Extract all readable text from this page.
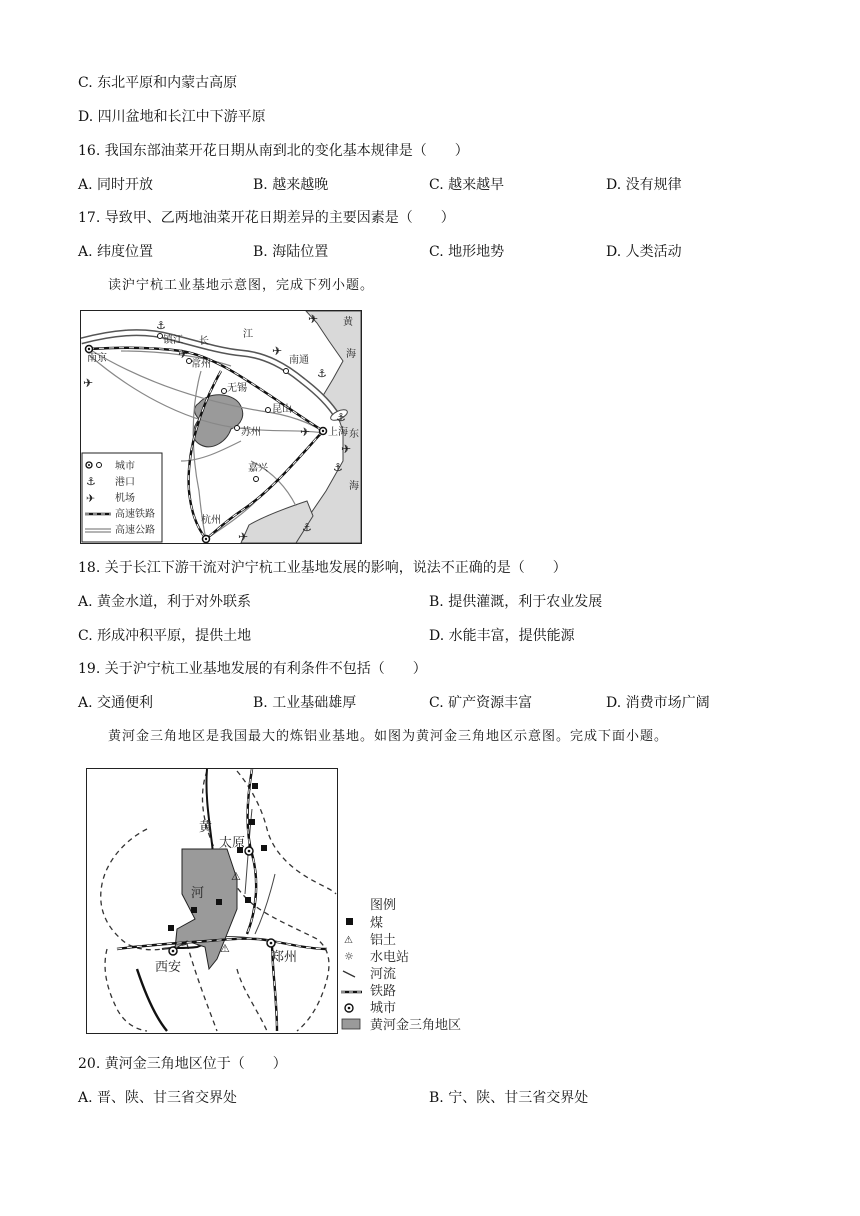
C. 东北平原和内蒙古高原
D. 四川盆地和长江中下游平原
16. 我国东部油菜开花日期从南到北的变化基本规律是（　　）
A. 同时开放	B. 越来越晚	C. 越来越早	D. 没有规律
17. 导致甲、乙两地油菜开花日期差异的主要因素是（　　）
A. 纬度位置	B. 海陆位置	C. 地形地势	D. 人类活动
读沪宁杭工业基地示意图，完成下列小题。
✈
✈	✈
✈
✈
✈
✈
⚓
⚓
⚓
⚓
⚓
南京
镇江
常州
无锡
苏州
昆山
南通
嘉兴
杭州
上海
长
江
黄
海
东
海
⚓
✈
城市
港口
机场
高速铁路
高速公路
18. 关于长江下游干流对沪宁杭工业基地发展的影响，说法不正确的是（　　）
A. 黄金水道，利于对外联系	B. 提供灌溉，利于农业发展
C. 形成冲积平原，提供土地	D. 水能丰富，提供能源
19. 关于沪宁杭工业基地发展的有利条件不包括（　　）
A. 交通便利	B. 工业基础雄厚	C. 矿产资源丰富	D. 消费市场广阔
黄河金三角地区是我国最大的炼铝业基地。如图为黄河金三角地区示意图。完成下面小题。
⚠
⚠
黄
太原
河
西安
郑州
图例
⚠
☼
煤
铝土
水电站
河流
铁路
城市
黄河金三角地区
20. 黄河金三角地区位于（　　）
A. 晋、陕、甘三省交界处	B. 宁、陕、甘三省交界处
